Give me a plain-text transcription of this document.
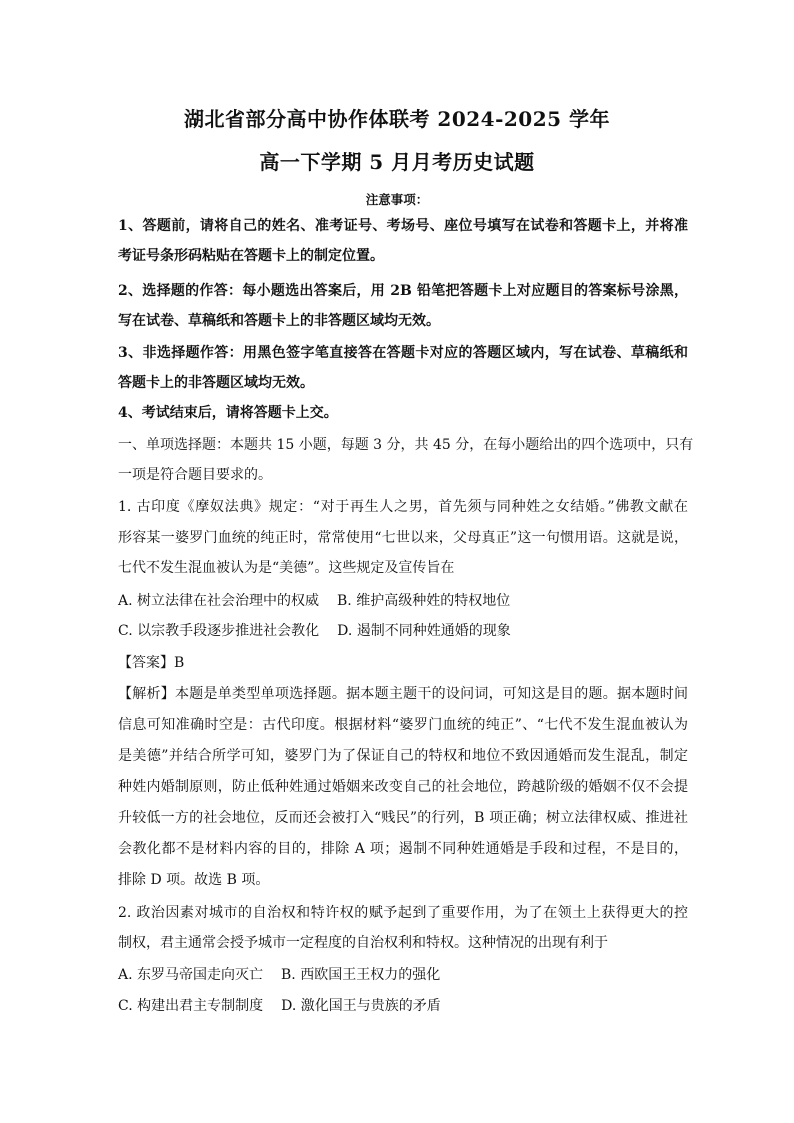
湖北省部分高中协作体联考 2024-2025 学年
高一下学期 5 月月考历史试题
注意事项：
1、答题前，请将自己的姓名、准考证号、考场号、座位号填写在试卷和答题卡上，并将准
考证号条形码粘贴在答题卡上的制定位置。
2、选择题的作答：每小题选出答案后，用 2B 铅笔把答题卡上对应题目的答案标号涂黑，
写在试卷、草稿纸和答题卡上的非答题区域均无效。
3、非选择题作答：用黑色签字笔直接答在答题卡对应的答题区域内，写在试卷、草稿纸和
答题卡上的非答题区域均无效。
4、考试结束后，请将答题卡上交。
一、单项选择题：本题共 15 小题，每题 3 分，共 45 分，在每小题给出的四个选项中，只有
一项是符合题目要求的。
1. 古印度《摩奴法典》规定：“对于再生人之男，首先须与同种姓之女结婚。”佛教文献在
形容某一婆罗门血统的纯正时，常常使用“七世以来，父母真正”这一句惯用语。这就是说，
七代不发生混血被认为是“美德”。这些规定及宣传旨在
A. 树立法律在社会治理中的权威 B. 维护高级种姓的特权地位
C. 以宗教手段逐步推进社会教化 D. 遏制不同种姓通婚的现象
【答案】B
【解析】本题是单类型单项选择题。据本题主题干的设问词，可知这是目的题。据本题时间
信息可知准确时空是：古代印度。根据材料“婆罗门血统的纯正”、“七代不发生混血被认为
是美德”并结合所学可知，婆罗门为了保证自己的特权和地位不致因通婚而发生混乱，制定
种姓内婚制原则，防止低种姓通过婚姻来改变自己的社会地位，跨越阶级的婚姻不仅不会提
升较低一方的社会地位，反而还会被打入“贱民”的行列，B 项正确；树立法律权威、推进社
会教化都不是材料内容的目的，排除 A 项；遏制不同种姓通婚是手段和过程，不是目的，
排除 D 项。故选 B 项。
2. 政治因素对城市的自治权和特许权的赋予起到了重要作用，为了在领土上获得更大的控
制权，君主通常会授予城市一定程度的自治权利和特权。这种情况的出现有利于
A. 东罗马帝国走向灭亡 B. 西欧国王王权力的强化
C. 构建出君主专制制度 D. 激化国王与贵族的矛盾
